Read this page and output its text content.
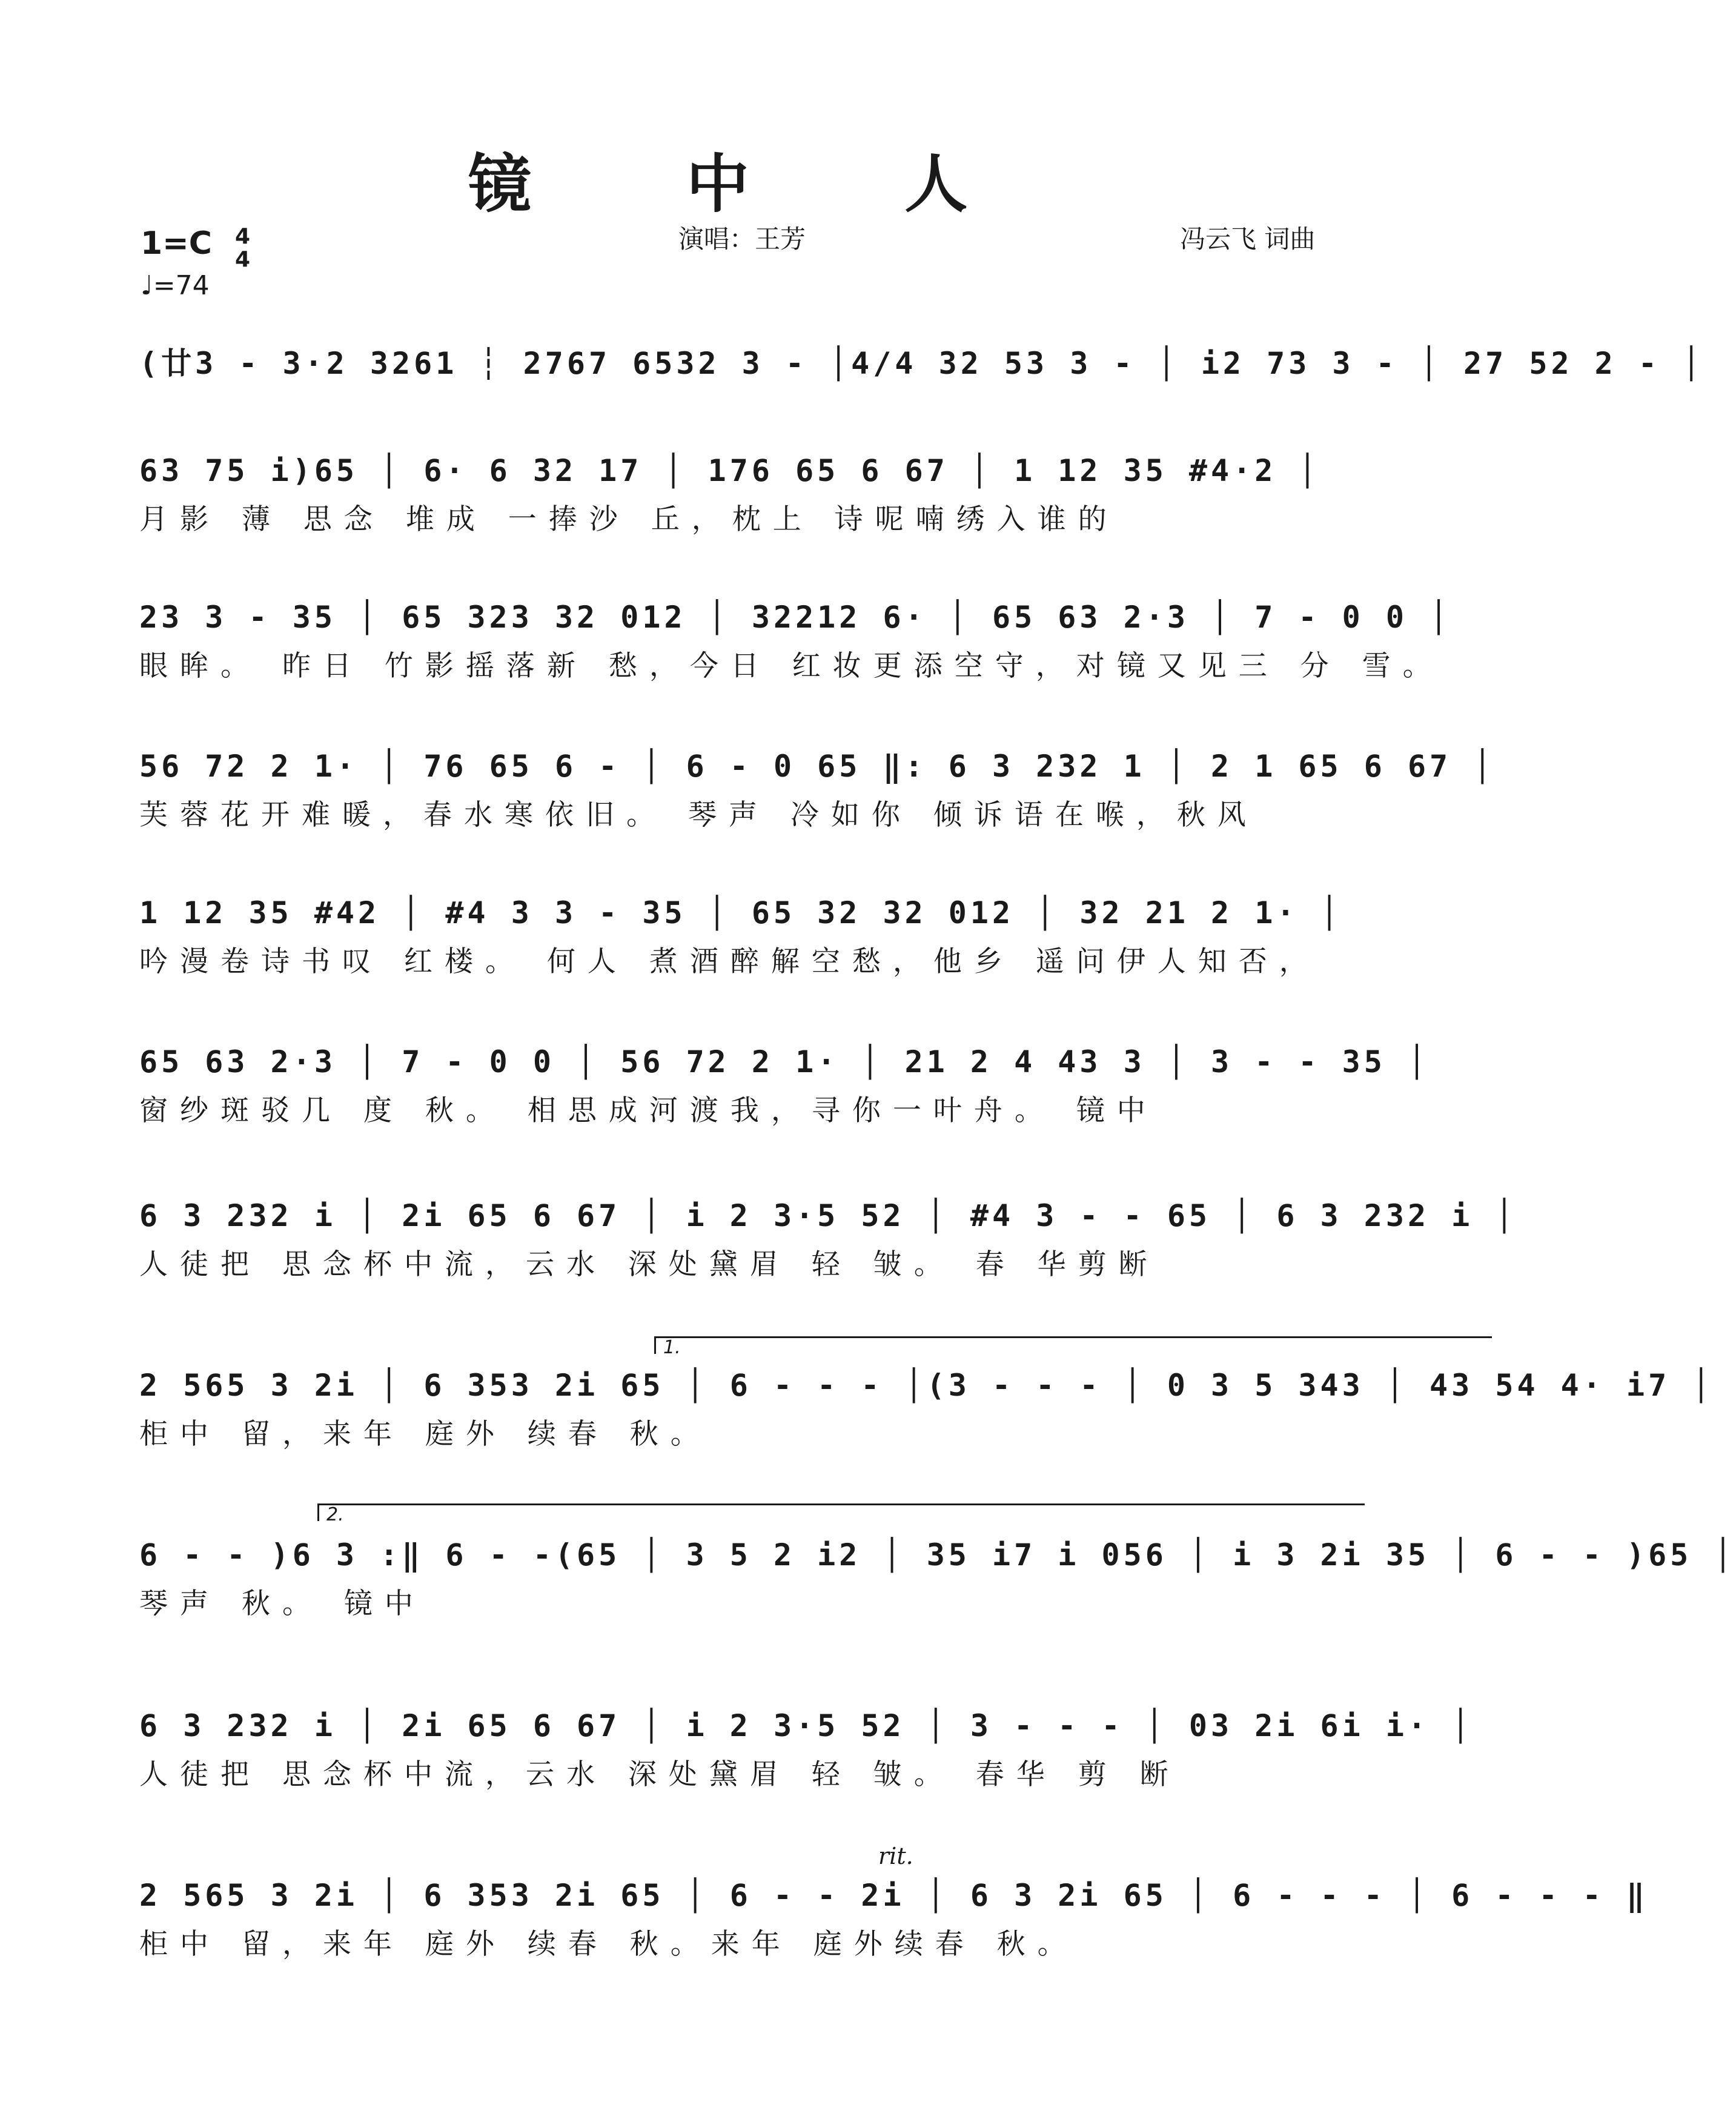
镜 中 人
1=C 4
4
♩=74
演唱：王芳	冯云飞 词曲
(廿3 - 3·2 3261 ┆ 2767 6532 3 - │4/4 32 53 3 - │ i2 73 3 - │ 27 52 2 - │
63 75 i)65 │ 6· 6 32 17 │ 176 65 6 67 │ 1 12 35 #4·2 │
月影 薄 思念 堆成 一捧沙 丘，枕上 诗呢喃绣入谁的
23 3 - 35 │ 65 323 32 012 │ 32212 6· │ 65 63 2·3 │ 7 - 0 0 │
眼眸。 昨日 竹影摇落新 愁，今日 红妆更添空守，对镜又见三 分 雪。
56 72 2 1· │ 76 65 6 - │ 6 - 0 65 ‖: 6 3 232 1 │ 2 1 65 6 67 │
芙蓉花开难暖，春水寒依旧。 琴声 冷如你 倾诉语在喉，秋风
1 12 35 #42 │ #4 3 3 - 35 │ 65 32 32 012 │ 32 21 2 1· │
吟漫卷诗书叹 红楼。 何人 煮酒醉解空愁，他乡 遥问伊人知否，
65 63 2·3 │ 7 - 0 0 │ 56 72 2 1· │ 21 2 4 43 3 │ 3 - - 35 │
窗纱斑驳几 度 秋。 相思成河渡我，寻你一叶舟。 镜中
6 3 232 i │ 2i 65 6 67 │ i 2 3·5 52 │ #4 3 - - 65 │ 6 3 232 i │
人徒把 思念杯中流，云水 深处黛眉 轻 皱。 春 华剪断
1.
2 565 3 2i │ 6 353 2i 65 │ 6 - - - │(3 - - - │ 0 3 5 343 │ 43 54 4· i7 │
柜中 留，来年 庭外 续春 秋。
2.
6 - - )6 3 :‖ 6 - -(65 │ 3 5 2 i2 │ 35 i7 i 056 │ i 3 2i 35 │ 6 - - )65 │
琴声 秋。 镜中
6 3 232 i │ 2i 65 6 67 │ i 2 3·5 52 │ 3 - - - │ 03 2i 6i i· │
人徒把 思念杯中流，云水 深处黛眉 轻 皱。 春华 剪 断
rit.
2 565 3 2i │ 6 353 2i 65 │ 6 - - 2i │ 6 3 2i 65 │ 6 - - - │ 6 - - - ‖
柜中 留，来年 庭外 续春 秋。来年 庭外续春 秋。
